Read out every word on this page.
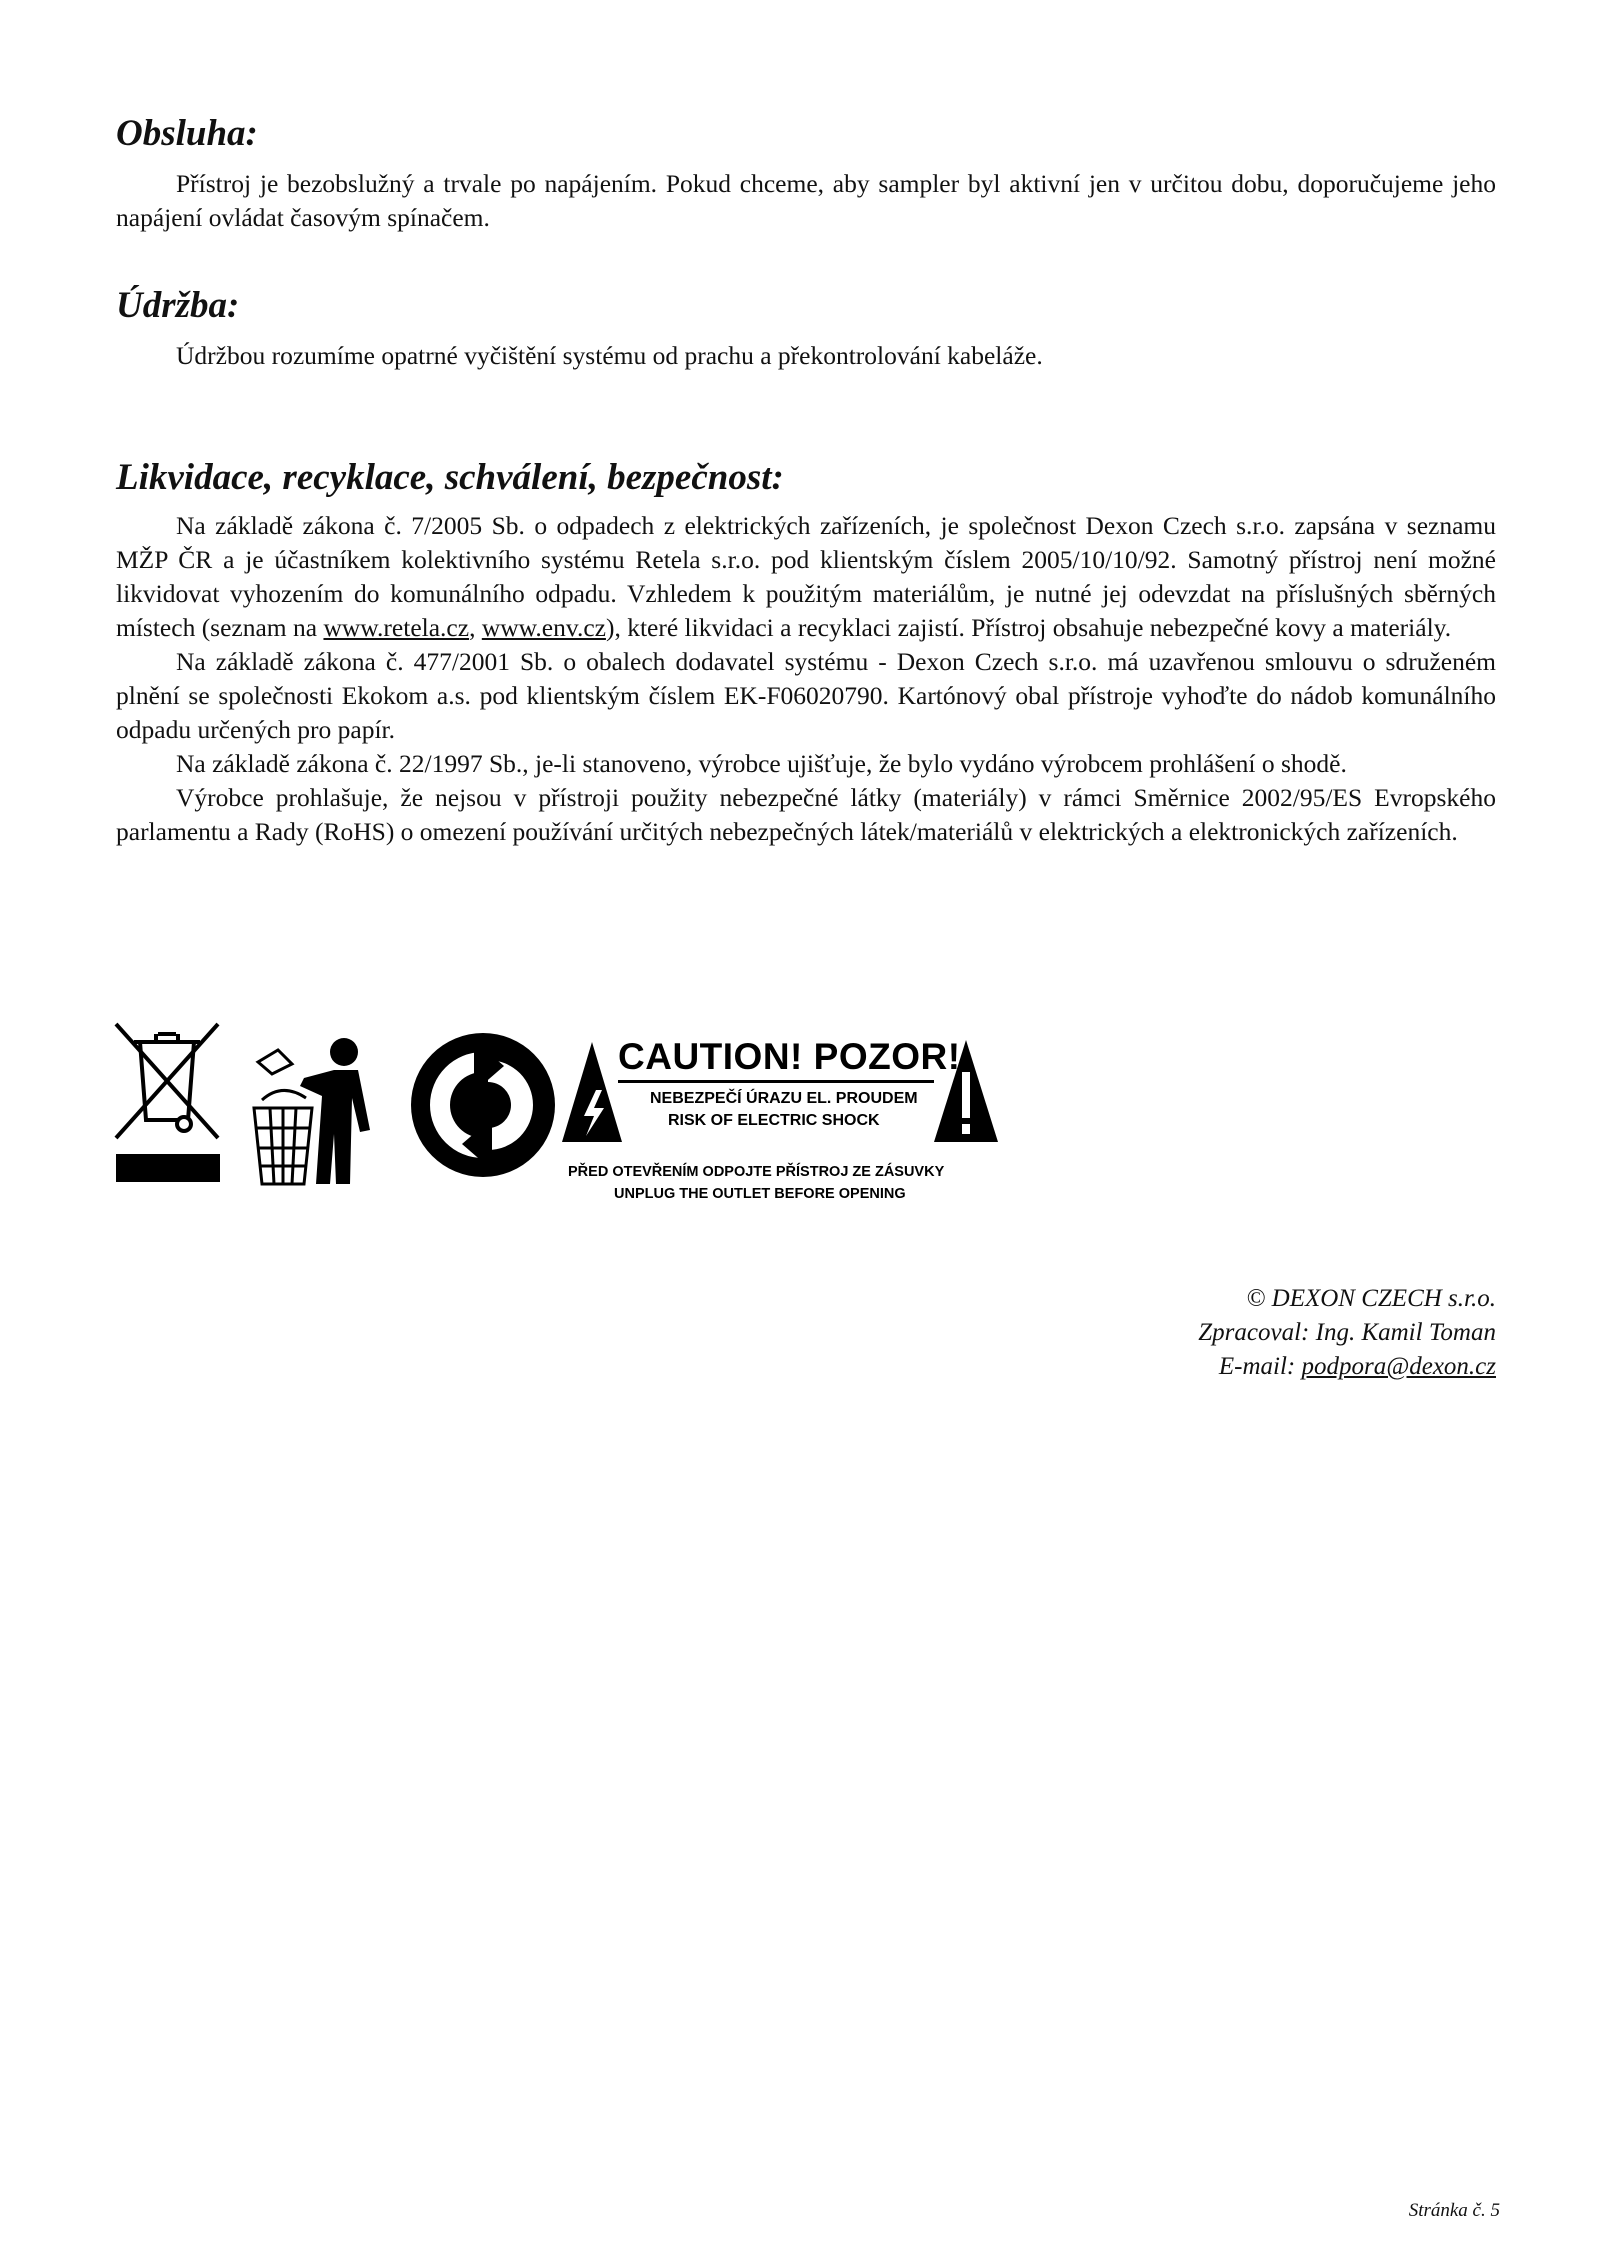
Obsluha:

Přístroj je bezobslužný a trvale po napájením. Pokud chceme, aby sampler byl aktivní jen v určitou dobu, doporučujeme jeho napájení ovládat časovým spínačem.

Údržba:

Údržbou rozumíme opatrné vyčištění systému od prachu a překontrolování kabeláže.

Likvidace, recyklace, schválení, bezpečnost:

Na základě zákona č. 7/2005 Sb. o odpadech z elektrických zařízeních, je společnost Dexon Czech s.r.o. zapsána v seznamu MŽP ČR a je účastníkem kolektivního systému Retela s.r.o. pod klientským číslem 2005/10/10/92. Samotný přístroj není možné likvidovat vyhozením do komunálního odpadu. Vzhledem k použitým materiálům, je nutné jej odevzdat na příslušných sběrných místech (seznam na www.retela.cz, www.env.cz), které likvidaci a recyklaci zajistí. Přístroj obsahuje nebezpečné kovy a materiály.

Na základě zákona č. 477/2001 Sb. o obalech dodavatel systému - Dexon Czech s.r.o. má uzavřenou smlouvu o sdruženém plnění se společnosti Ekokom a.s. pod klientským číslem EK-F06020790. Kartónový obal přístroje vyhoďte do nádob komunálního odpadu určených pro papír.

Na základě zákona č. 22/1997 Sb., je-li stanoveno, výrobce ujišťuje, že bylo vydáno výrobcem prohlášení o shodě.

Výrobce prohlašuje, že nejsou v přístroji použity nebezpečné látky (materiály) v rámci Směrnice 2002/95/ES Evropského parlamentu a Rady (RoHS) o omezení používání určitých nebezpečných látek/materiálů v elektrických a elektronických zařízeních.

CAUTION! POZOR!
NEBEZPEČÍ ÚRAZU EL. PROUDEM
RISK OF ELECTRIC SHOCK
PŘED OTEVŘENÍM ODPOJTE PŘÍSTROJ ZE ZÁSUVKY
UNPLUG THE OUTLET BEFORE OPENING
© DEXON CZECH s.r.o.
Zpracoval: Ing. Kamil Toman
E-mail: podpora@dexon.cz
Stránka č. 5
